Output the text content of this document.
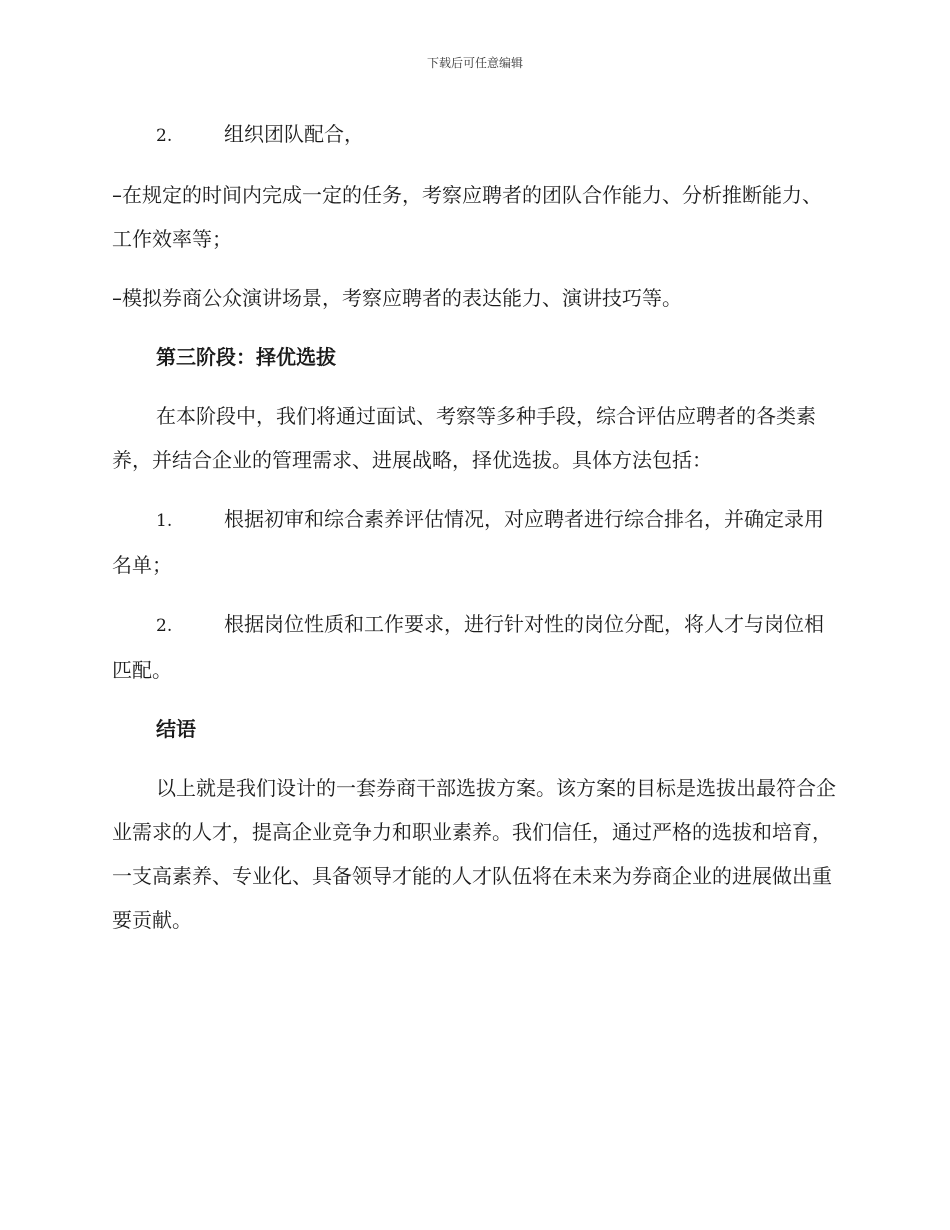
下载后可任意编辑

2.	组织团队配合，

–在规定的时间内完成一定的任务，考察应聘者的团队合作能力、分析推断能力、工作效率等；

–模拟券商公众演讲场景，考察应聘者的表达能力、演讲技巧等。

第三阶段：择优选拔

在本阶段中，我们将通过面试、考察等多种手段，综合评估应聘者的各类素养，并结合企业的管理需求、进展战略，择优选拔。具体方法包括：

1.	根据初审和综合素养评估情况，对应聘者进行综合排名，并确定录用名单；

2.	根据岗位性质和工作要求，进行针对性的岗位分配，将人才与岗位相匹配。

结语

以上就是我们设计的一套券商干部选拔方案。该方案的目标是选拔出最符合企业需求的人才，提高企业竞争力和职业素养。我们信任，通过严格的选拔和培育，一支高素养、专业化、具备领导才能的人才队伍将在未来为券商企业的进展做出重要贡献。
